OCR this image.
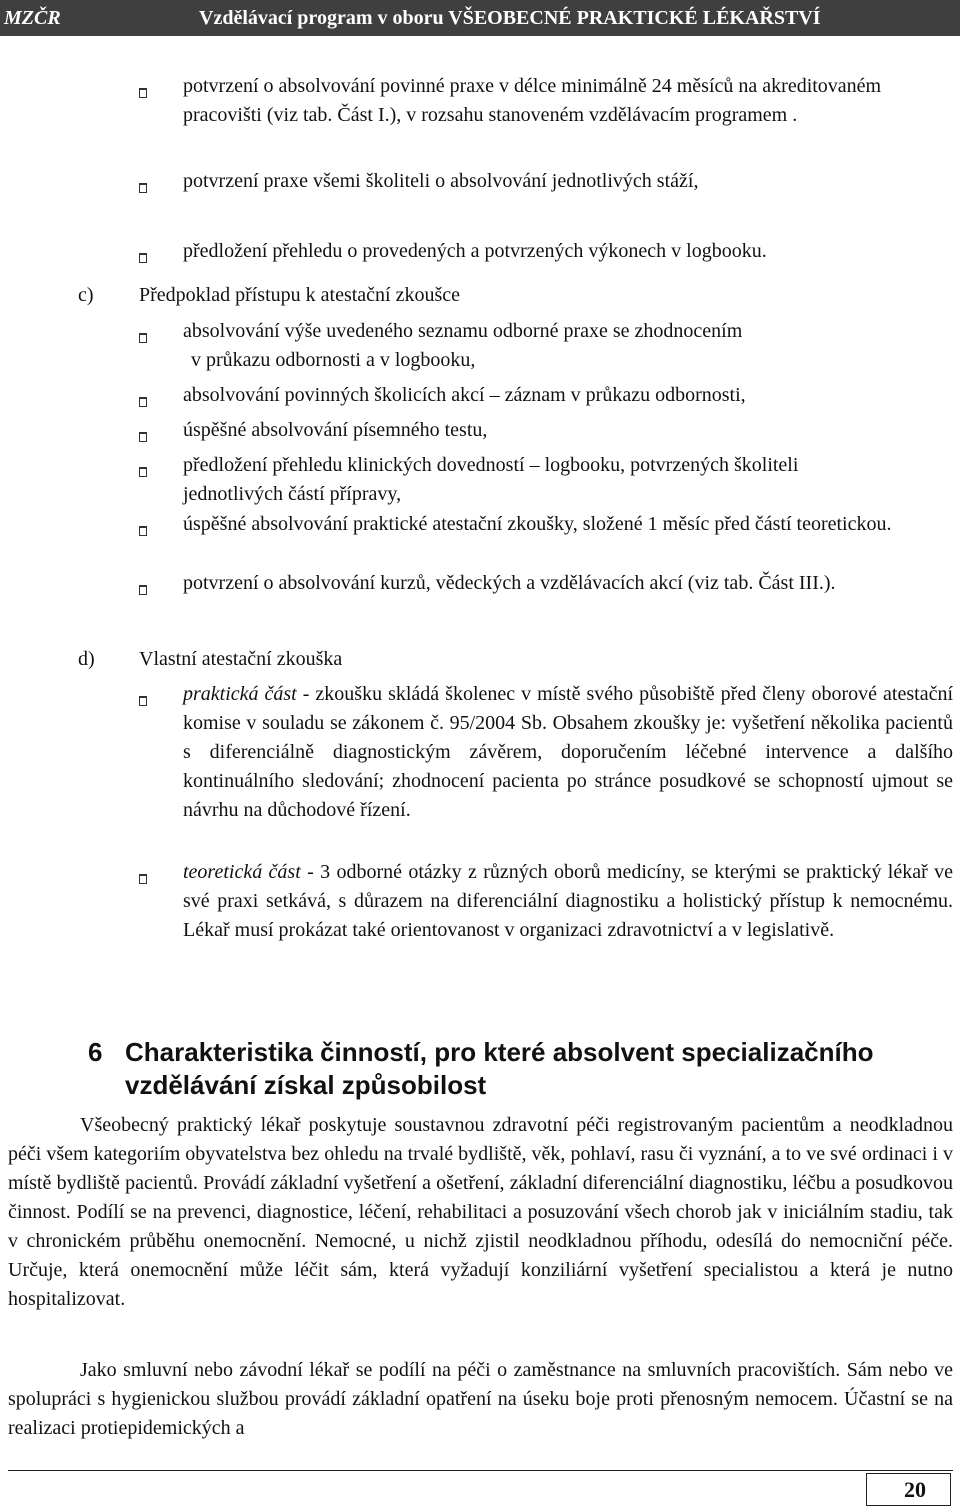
MZČR	Vzdělávací program v oboru VŠEOBECNÉ PRAKTICKÉ LÉKAŘSTVÍ
potvrzení o absolvování povinné praxe v délce minimálně 24 měsíců na akreditovaném pracovišti (viz tab. Část I.), v rozsahu stanoveném vzdělávacím programem .
potvrzení praxe všemi školiteli o absolvování jednotlivých stáží,
předložení přehledu o provedených a potvrzených výkonech v logbooku.
c) Předpoklad přístupu k atestační zkoušce
absolvování výše uvedeného seznamu odborné praxe se zhodnocením
v průkazu odbornosti a v logbooku,
absolvování povinných školicích akcí – záznam v průkazu odbornosti,
úspěšné absolvování písemného testu,
předložení přehledu klinických dovedností – logbooku, potvrzených školiteli jednotlivých částí přípravy,
úspěšné absolvování praktické atestační zkoušky, složené 1 měsíc před částí teoretickou.
potvrzení o absolvování kurzů, vědeckých a vzdělávacích akcí (viz tab. Část III.).
d) Vlastní atestační zkouška
praktická část - zkoušku skládá školenec v místě svého působiště před členy oborové atestační komise v souladu se zákonem č. 95/2004 Sb. Obsahem zkoušky je: vyšetření několika pacientů s diferenciálně diagnostickým závěrem, doporučením léčebné intervence a dalšího kontinuálního sledování; zhodnocení pacienta po stránce posudkové se schopností ujmout se návrhu na důchodové řízení.
teoretická část - 3 odborné otázky z různých oborů medicíny, se kterými se praktický lékař ve své praxi setkává, s důrazem na diferenciální diagnostiku a holistický přístup k nemocnému. Lékař musí prokázat také orientovanost v organizaci zdravotnictví a v legislativě.
6 Charakteristika činností, pro které absolvent specializačního vzdělávání získal způsobilost
Všeobecný praktický lékař poskytuje soustavnou zdravotní péči registrovaným pacientům a neodkladnou péči všem kategoriím obyvatelstva bez ohledu na trvalé bydliště, věk, pohlaví, rasu či vyznání, a to ve své ordinaci i v místě bydliště pacientů. Provádí základní vyšetření a ošetření, základní diferenciální diagnostiku, léčbu a posudkovou činnost. Podílí se na prevenci, diagnostice, léčení, rehabilitaci a posuzování všech chorob jak v iniciálním stadiu, tak v chronickém průběhu onemocnění. Nemocné, u nichž zjistil neodkladnou příhodu, odesílá do nemocniční péče. Určuje, která onemocnění může léčit sám, která vyžadují konziliární vyšetření specialistou a která je nutno hospitalizovat.
Jako smluvní nebo závodní lékař se podílí na péči o zaměstnance na smluvních pracovištích. Sám nebo ve spolupráci s hygienickou službou provádí základní opatření na úseku boje proti přenosným nemocem. Účastní se na realizaci protiepidemických a
20
